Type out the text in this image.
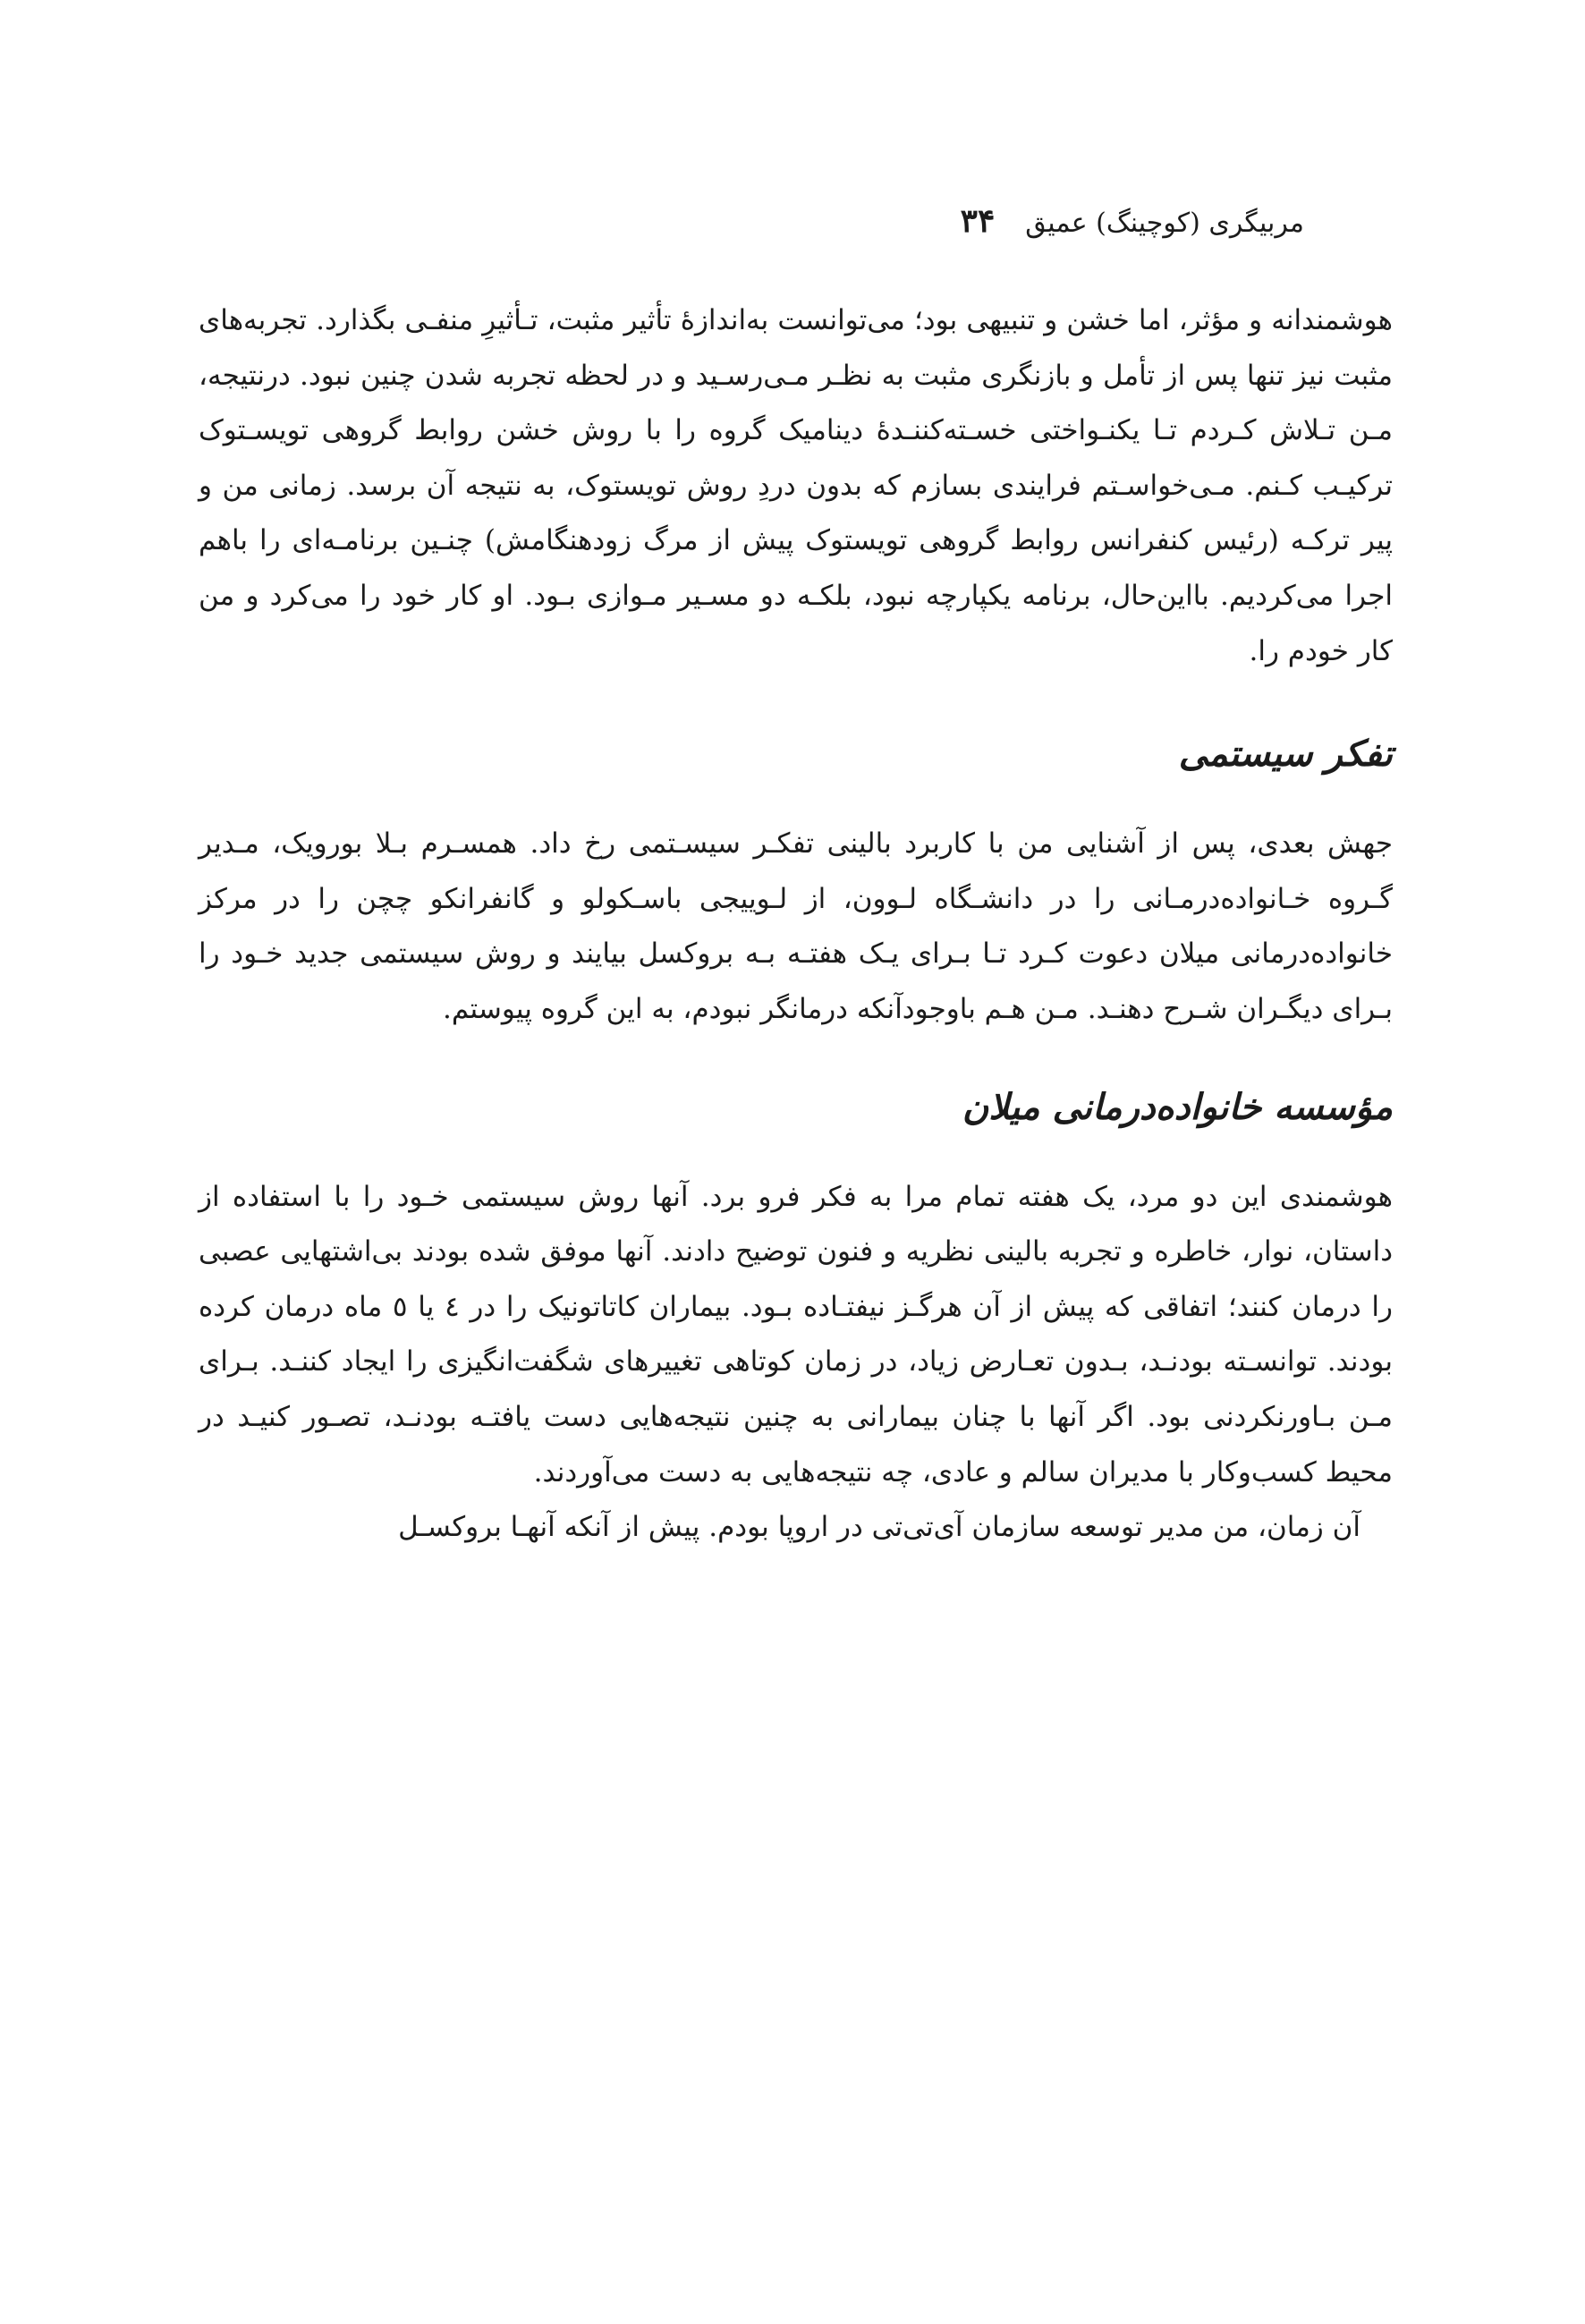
۳۴ مربیگری (کوچینگ) عمیق

هوشمندانه و مؤثر، اما خشن و تنبیهی بود؛ می‌توانست به‌اندازهٔ تأثیر مثبت، تـأثیرِ منفـی بگذارد. تجربه‌های مثبت نیز تنها پس از تأمل و بازنگری مثبت به نظـر مـی‌رسـید و در لحظه تجربه شدن چنین نبود. درنتیجه، مـن تـلاش کـردم تـا یکنـواختی خسـته‌کننـدهٔ دینامیک گروه را با روش خشن روابط گروهی تویسـتوک ترکیـب کـنم. مـی‌خواسـتم فرایندی بسازم که بدون دردِ روش تویستوک، به نتیجه آن برسد. زمانی من و پیر ترکـه (رئیس کنفرانس روابط گروهی تویستوک پیش از مرگ زودهنگامش) چنـین برنامـه‌ای را باهم اجرا می‌کردیم. بااین‌حال، برنامه یکپارچه نبود، بلکـه دو مسـیر مـوازی بـود. او کار خود را می‌کرد و من کار خودم را.

تفکر سیستمی

جهش بعدی، پس از آشنایی من با کاربرد بالینی تفکـر سیسـتمی رخ داد. همسـرم بـلا بورویک، مـدیر گـروه خـانواده‌درمـانی را در دانشـگاه لـوون، از لـوییجی باسـکولو و گانفرانکو چچن را در مرکز خانواده‌درمانی میلان دعوت کـرد تـا بـرای یـک هفتـه بـه بروکسل بیایند و روش سیستمی جدید خـود را بـرای دیگـران شـرح دهنـد. مـن هـم باوجودآنکه درمانگر نبودم، به این گروه پیوستم.

مؤسسه خانواده‌درمانی میلان

هوشمندی این دو مرد، یک هفته تمام مرا به فکر فرو برد. آنها روش سیستمی خـود را با استفاده از داستان، نوار، خاطره و تجربه بالینی نظریه و فنون توضیح دادند. آنها موفق شده بودند بی‌اشتهایی عصبی را درمان کنند؛ اتفاقی که پیش از آن هرگـز نیفتـاده بـود. بیماران کاتاتونیک را در ٤ یا ٥ ماه درمان کرده بودند. توانسـته بودنـد، بـدون تعـارض زیاد، در زمان کوتاهی تغییرهای شگفت‌انگیزی را ایجاد کننـد. بـرای مـن بـاورنکردنی بود. اگر آنها با چنان بیمارانی به چنین نتیجه‌هایی دست یافتـه بودنـد، تصـور کنیـد در محیط کسب‌وکار با مدیران سالم و عادی، چه نتیجه‌هایی به دست می‌آوردند.

آن زمان، من مدیر توسعه سازمان آی‌تی‌تی در اروپا بودم. پیش از آنکه آنهـا بروکسـل
